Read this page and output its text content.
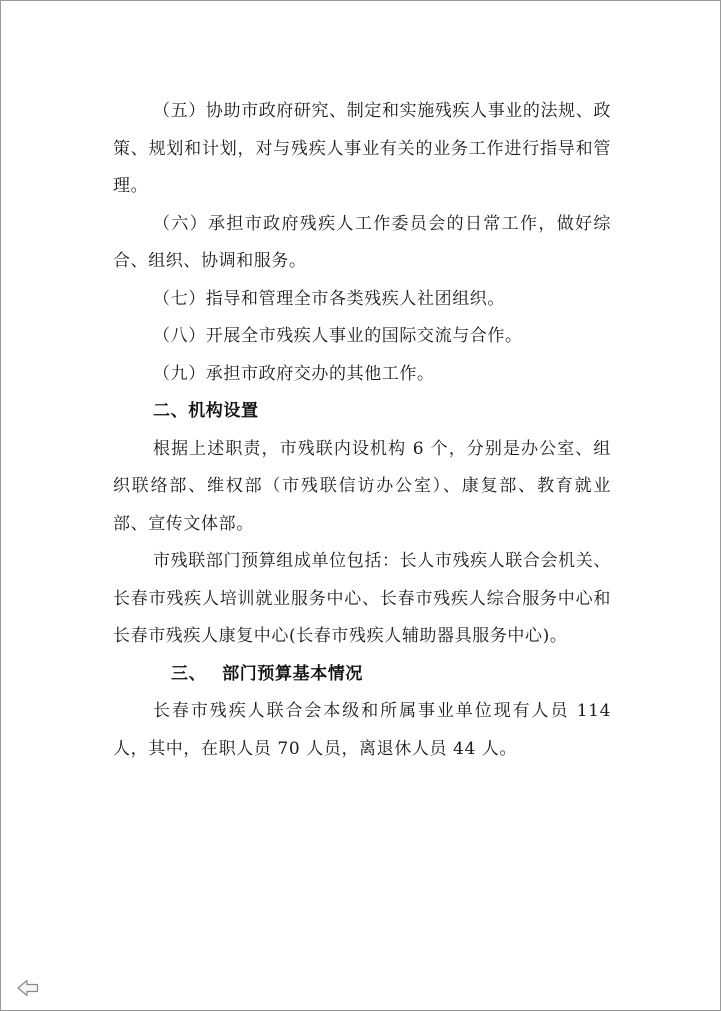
（五）协助市政府研究、制定和实施残疾人事业的法规、政策、规划和计划，对与残疾人事业有关的业务工作进行指导和管理。

（六）承担市政府残疾人工作委员会的日常工作，做好综合、组织、协调和服务。

（七）指导和管理全市各类残疾人社团组织。

（八）开展全市残疾人事业的国际交流与合作。

（九）承担市政府交办的其他工作。

二、机构设置

根据上述职责，市残联内设机构 6 个，分别是办公室、组织联络部、维权部（市残联信访办公室）、康复部、教育就业部、宣传文体部。

市残联部门预算组成单位包括：长人市残疾人联合会机关、长春市残疾人培训就业服务中心、长春市残疾人综合服务中心和长春市残疾人康复中心(长春市残疾人辅助器具服务中心)。

三、 部门预算基本情况

长春市残疾人联合会本级和所属事业单位现有人员 114 人，其中，在职人员 70 人员，离退休人员 44 人。
